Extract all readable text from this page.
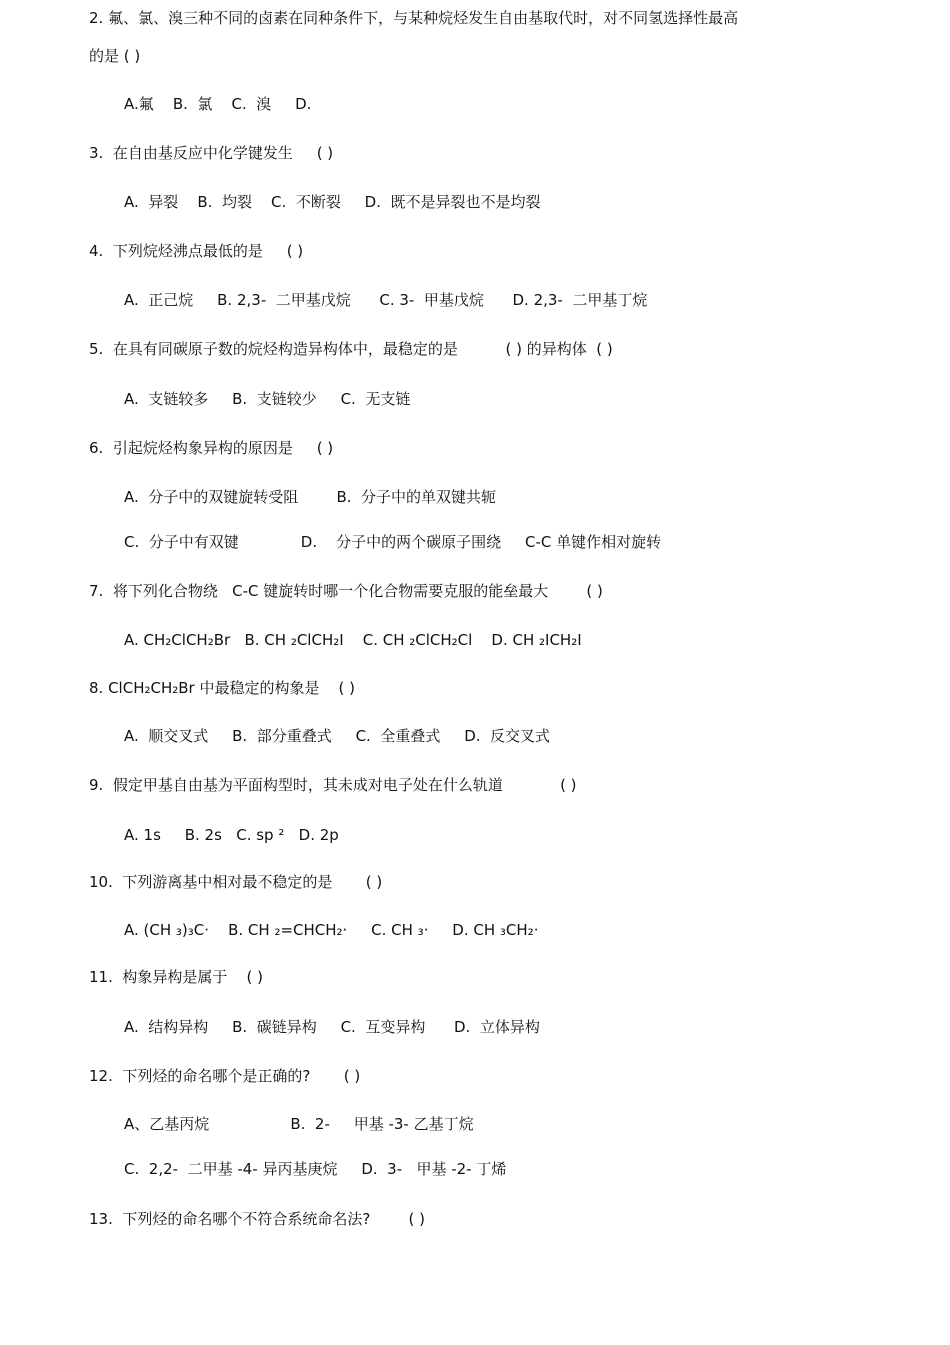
2. 氟、氯、溴三种不同的卤素在同种条件下，与某种烷烃发生自由基取代时，对不同氢选择性最高
的是 ( )
A.氟    B.  氯    C.  溴     D.
3.  在自由基反应中化学键发生     ( )
A.  异裂    B.  均裂    C.  不断裂     D.  既不是异裂也不是均裂
4.  下列烷烃沸点最低的是     ( )
A.  正己烷     B. 2,3-  二甲基戊烷      C. 3-  甲基戊烷      D. 2,3-  二甲基丁烷
5.  在具有同碳原子数的烷烃构造异构体中，最稳定的是          ( ) 的异构体  ( )
A.  支链较多     B.  支链较少     C.  无支链
6.  引起烷烃构象异构的原因是     ( )
A.  分子中的双键旋转受阻        B.  分子中的单双键共轭
C.  分子中有双键             D.    分子中的两个碳原子围绕     C-C 单键作相对旋转
7.  将下列化合物绕   C-C 键旋转时哪一个化合物需要克服的能垒最大        ( )
A. CH₂ClCH₂Br   B. CH ₂ClCH₂I    C. CH ₂ClCH₂Cl    D. CH ₂ICH₂I
8. ClCH₂CH₂Br 中最稳定的构象是    ( )
A.  顺交叉式     B.  部分重叠式     C.  全重叠式     D.  反交叉式
9.  假定甲基自由基为平面构型时，其未成对电子处在什么轨道            ( )
A. 1s     B. 2s   C. sp ²   D. 2p
10.  下列游离基中相对最不稳定的是       ( )
A. (CH ₃)₃C·    B. CH ₂=CHCH₂·     C. CH ₃·     D. CH ₃CH₂·
11.  构象异构是属于    ( )
A.  结构异构     B.  碳链异构     C.  互变异构      D.  立体异构
12.  下列烃的命名哪个是正确的?       ( )
A、乙基丙烷                 B.  2-     甲基 -3- 乙基丁烷
C.  2,2-  二甲基 -4- 异丙基庚烷     D.  3-   甲基 -2- 丁烯
13.  下列烃的命名哪个不符合系统命名法?        ( )
